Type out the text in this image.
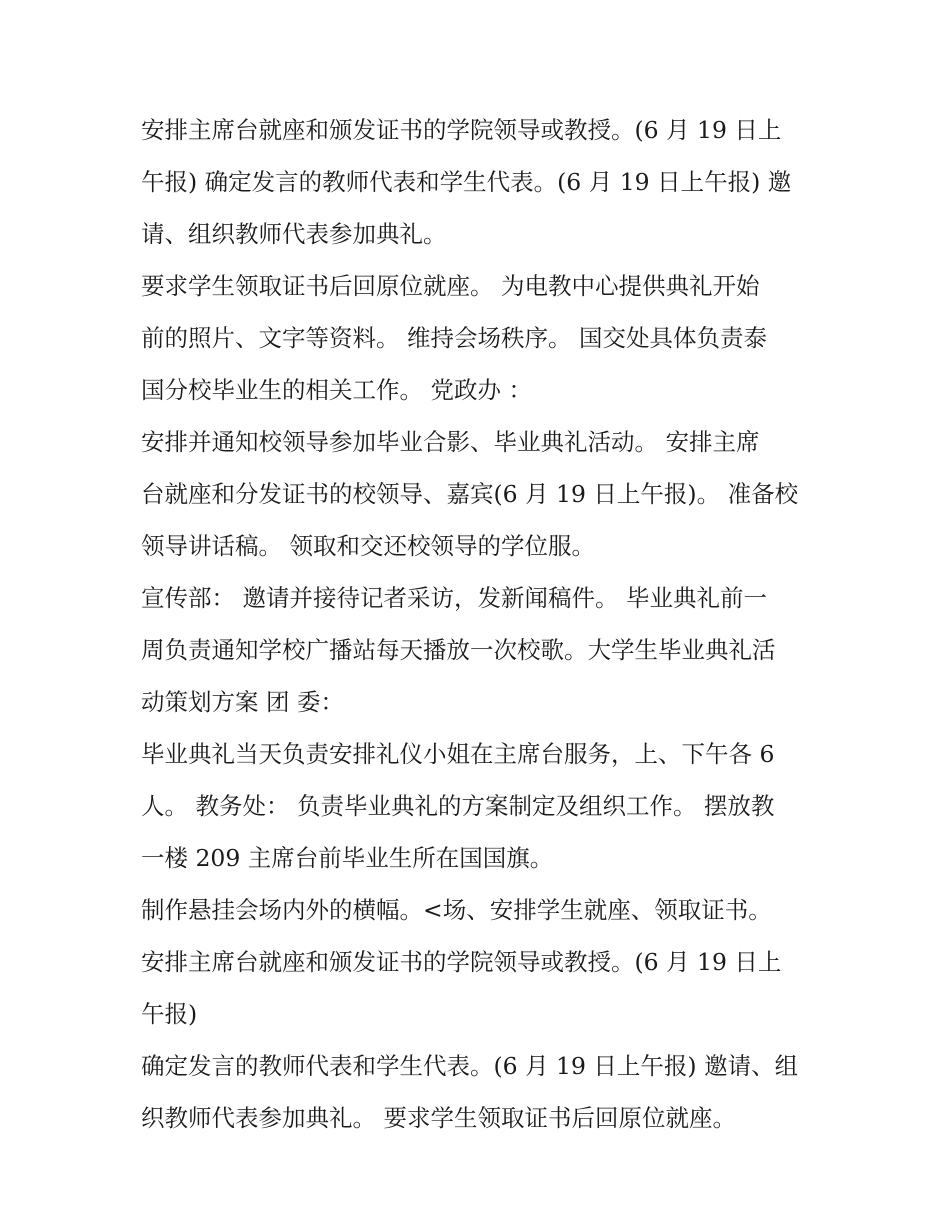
安排主席台就座和颁发证书的学院领导或教授。(6 月 19 日上
午报) 确定发言的教师代表和学生代表。(6 月 19 日上午报) 邀
请、组织教师代表参加典礼。
要求学生领取证书后回原位就座。 为电教中心提供典礼开始
前的照片、文字等资料。 维持会场秩序。 国交处具体负责泰
国分校毕业生的相关工作。 党政办 ：
安排并通知校领导参加毕业合影、毕业典礼活动。 安排主席
台就座和分发证书的校领导、嘉宾(6 月 19 日上午报)。 准备校
领导讲话稿。 领取和交还校领导的学位服。
宣传部： 邀请并接待记者采访，发新闻稿件。 毕业典礼前一
周负责通知学校广播站每天播放一次校歌。大学生毕业典礼活
动策划方案 团 委：
毕业典礼当天负责安排礼仪小姐在主席台服务，上、下午各 6
人。 教务处： 负责毕业典礼的方案制定及组织工作。 摆放教
一楼 209 主席台前毕业生所在国国旗。
制作悬挂会场内外的横幅。<场、安排学生就座、领取证书。
安排主席台就座和颁发证书的学院领导或教授。(6 月 19 日上
午报)
确定发言的教师代表和学生代表。(6 月 19 日上午报) 邀请、组
织教师代表参加典礼。 要求学生领取证书后回原位就座。
